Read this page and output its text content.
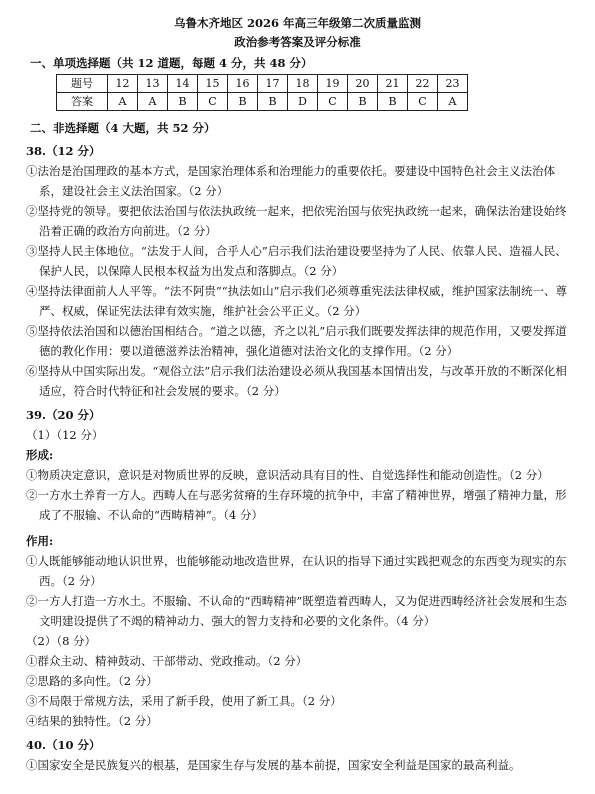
乌鲁木齐地区 2026 年高三年级第二次质量监测
政治参考答案及评分标准
一、单项选择题（共 12 道题，每题 4 分，共 48 分）
题号	12	13	14	15	16	17	18	19	20	21	22	23
答案	A	A	B	C	B	B	D	C	B	B	C	A
二、非选择题（4 大题，共 52 分）
38.（12 分）
①法治是治国理政的基本方式，是国家治理体系和治理能力的重要依托。要建设中国特色社会主义法治体系，建设社会主义法治国家。（2 分）
②坚持党的领导。要把依法治国与依法执政统一起来，把依宪治国与依宪执政统一起来，确保法治建设始终沿着正确的政治方向前进。（2 分）
③坚持人民主体地位。“法发于人间，合乎人心”启示我们法治建设要坚持为了人民、依靠人民、造福人民、保护人民，以保障人民根本权益为出发点和落脚点。（2 分）
④坚持法律面前人人平等。“法不阿贵”“执法如山”启示我们必须尊重宪法法律权威，维护国家法制统一、尊严、权威，保证宪法法律有效实施，维护社会公平正义。（2 分）
⑤坚持依法治国和以德治国相结合。“道之以德，齐之以礼”启示我们既要发挥法律的规范作用，又要发挥道德的教化作用：要以道德滋养法治精神，强化道德对法治文化的支撑作用。（2 分）
⑥坚持从中国实际出发。“观俗立法”启示我们法治建设必须从我国基本国情出发，与改革开放的不断深化相适应，符合时代特征和社会发展的要求。（2 分）
39.（20 分）
（1）（12 分）
形成:
①物质决定意识，意识是对物质世界的反映，意识活动具有目的性、自觉选择性和能动创造性。（2 分）
②一方水土养育一方人。西畴人在与恶劣贫瘠的生存环境的抗争中，丰富了精神世界，增强了精神力量，形成了不服输、不认命的“西畴精神”。（4 分）
作用:
①人既能够能动地认识世界，也能够能动地改造世界，在认识的指导下通过实践把观念的东西变为现实的东西。（2 分）
②一方人打造一方水土。不服输、不认命的“西畴精神”既塑造着西畴人，又为促进西畴经济社会发展和生态文明建设提供了不竭的精神动力、强大的智力支持和必要的文化条件。（4 分）
（2）（8 分）
①群众主动、精神鼓动、干部带动、党政推动。（2 分）
②思路的多向性。（2 分）
③不局限于常规方法，采用了新手段，使用了新工具。（2 分）
④结果的独特性。（2 分）
40.（10 分）
①国家安全是民族复兴的根基，是国家生存与发展的基本前提，国家安全利益是国家的最高利益。
